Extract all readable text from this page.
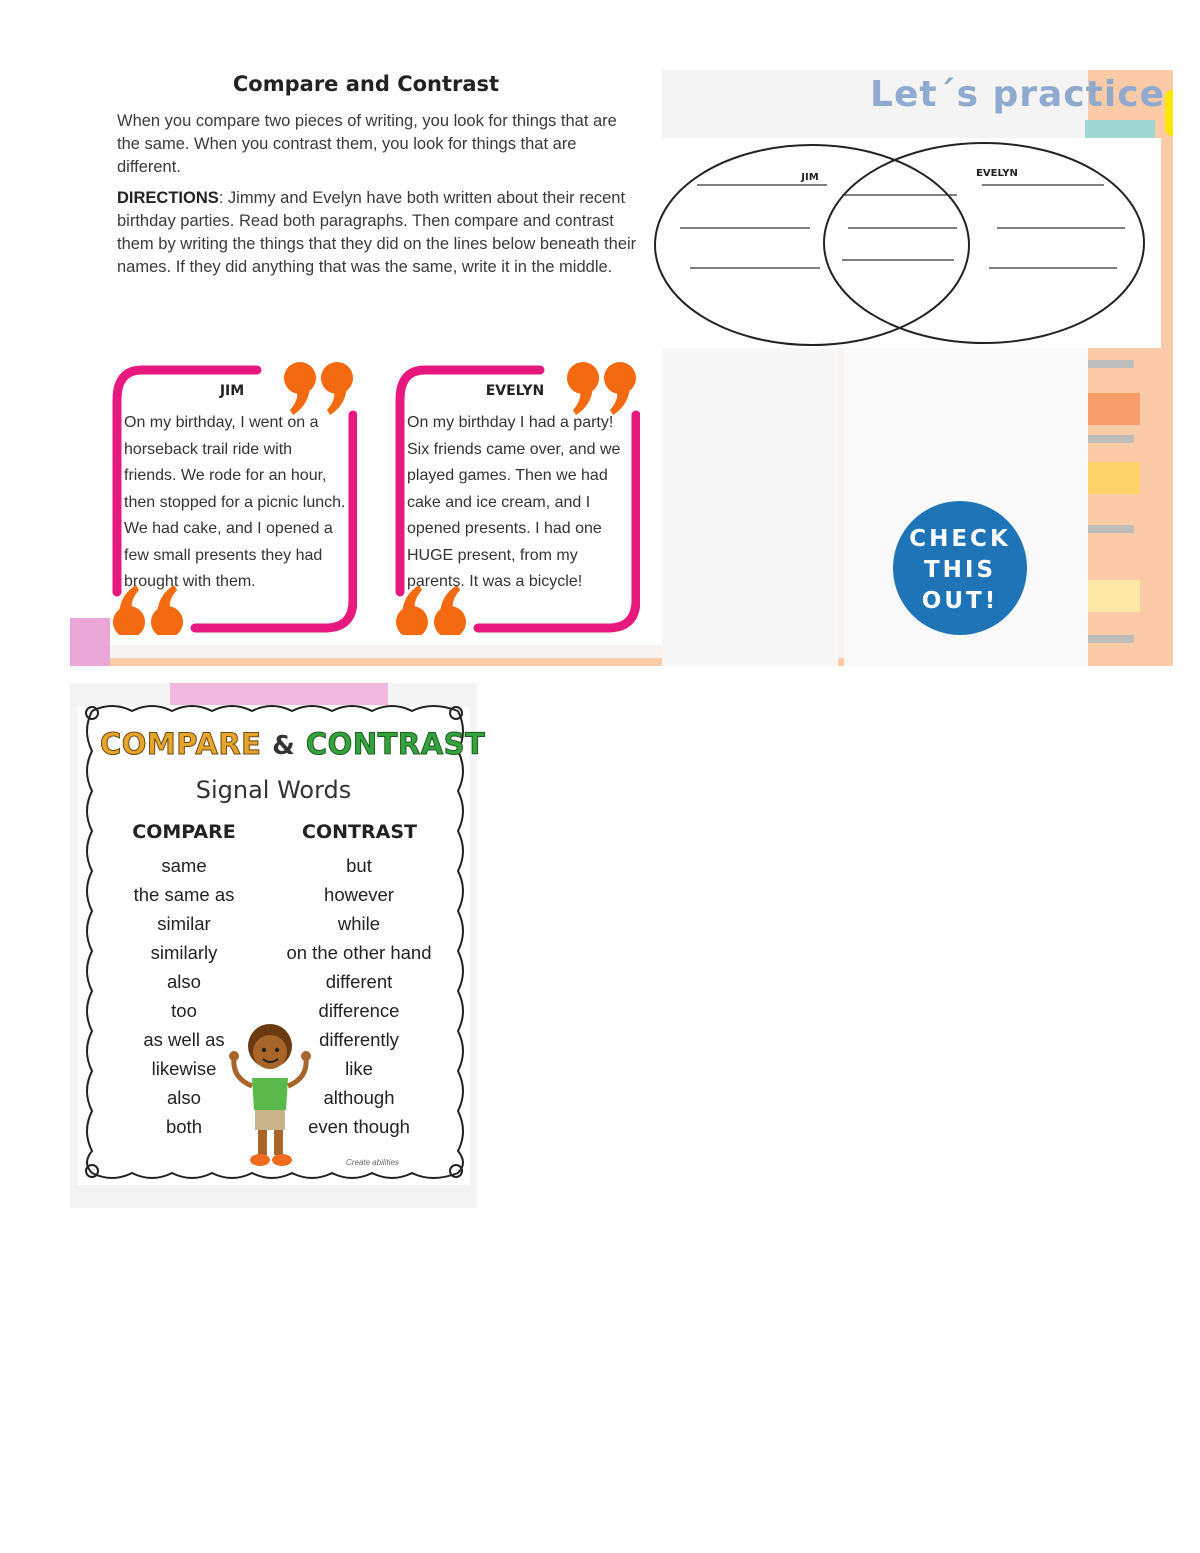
Compare and Contrast

When you compare two pieces of writing, you look for things that are the same. When you contrast them, you look for things that are different.

DIRECTIONS: Jimmy and Evelyn have both written about their recent birthday parties. Read both paragraphs. Then compare and contrast them by writing the things that they did on the lines below beneath their names. If they did anything that was the same, write it in the middle.

JIM

On my birthday, I went on a horseback trail ride with friends. We rode for an hour, then stopped for a picnic lunch. We had cake, and I opened a few small presents they had brought with them.

EVELYN

On my birthday I had a party! Six friends came over, and we played games. Then we had cake and ice cream, and I opened presents. I had one HUGE present, from my parents. It was a bicycle!

Let´s practice
JIM	EVELYN
CHECK
THIS
OUT!
COMPARE & CONTRAST
Signal Words
COMPARE	CONTRAST
same
the same as
similar
similarly
also
too
as well as
likewise
also
both
but
however
while
on the other hand
different
difference
differently
like
although
even though
Create abilities
